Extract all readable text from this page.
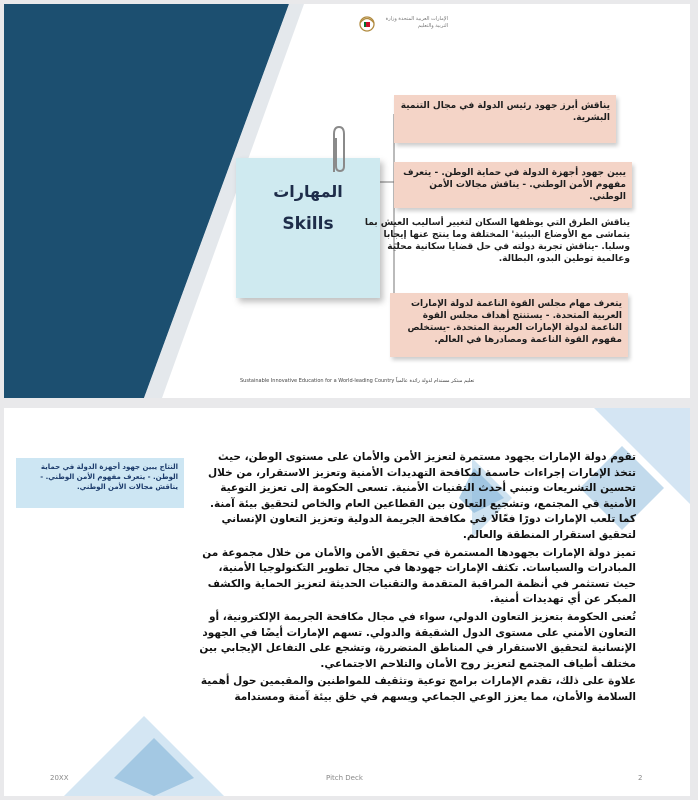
الإمارات العربية المتحدة وزارة التربية والتعليم
المهارات
Skills
يناقش أبرز جهود رئيس الدولة في مجال التنمية البشرية.
يبين جهود أجهزة الدولة في حماية الوطن. - يتعرف مفهوم الأمن الوطني. - يناقش مجالات الأمن الوطني.
يناقش الطرق التي يوظفها السكان لتغيير أساليب العيش بما يتماشى مع الأوضاع البيئية' المختلفة وما ينتج عنها إيجابا وسلبا. -يناقش تجربة دولته في حل قضايا سكانية محلية وعالمية توطين البدو، البطالة.
يتعرف مهام مجلس القوة الناعمة لدولة الإمارات العربية المتحدة. - يستنتج أهداف مجلس القوة الناعمة لدولة الإمارات العربية المتحدة. -يستخلص مفهوم القوة الناعمة ومصادرها في العالم.
Sustainable Innovative Education for a World-leading Country تعليم مبتكر مستدام لدولة رائدة عالمياً
النتاج يبين جهود أجهزة الدولة في حماية الوطن. - يتعرف مفهوم الأمن الوطني. - يناقش مجالات الأمن الوطني.

تقوم دولة الإمارات بجهود مستمرة لتعزيز الأمن والأمان على مستوى الوطن، حيث تتخذ الإمارات إجراءات حاسمة لمكافحة التهديدات الأمنية وتعزيز الاستقرار، من خلال تحسين التشريعات وتبني أحدث التقنيات الأمنية. تسعى الحكومة إلى تعزيز التوعية الأمنية في المجتمع، وتشجيع التعاون بين القطاعين العام والخاص لتحقيق بيئة آمنة. كما تلعب الإمارات دورًا فعّالًا في مكافحة الجريمة الدولية وتعزيز التعاون الإنساني لتحقيق استقرار المنطقة والعالم.

تميز دولة الإمارات بجهودها المستمرة في تحقيق الأمن والأمان من خلال مجموعة من المبادرات والسياسات. تكثف الإمارات جهودها في مجال تطوير التكنولوجيا الأمنية، حيث تستثمر في أنظمة المراقبة المتقدمة والتقنيات الحديثة لتعزيز الحماية والكشف المبكر عن أي تهديدات أمنية.

تُعنى الحكومة بتعزيز التعاون الدولي، سواء في مجال مكافحة الجريمة الإلكترونية، أو التعاون الأمني على مستوى الدول الشقيقة والدولي. تسهم الإمارات أيضًا في الجهود الإنسانية لتحقيق الاستقرار في المناطق المتضررة، وتشجع على التفاعل الإيجابي بين مختلف أطياف المجتمع لتعزيز روح الأمان والتلاحم الاجتماعي.

علاوة على ذلك، تقدم الإمارات برامج توعية وتثقيف للمواطنين والمقيمين حول أهمية السلامة والأمان، مما يعزز الوعي الجماعي ويسهم في خلق بيئة آمنة ومستدامة

20XX	Pitch Deck	2
